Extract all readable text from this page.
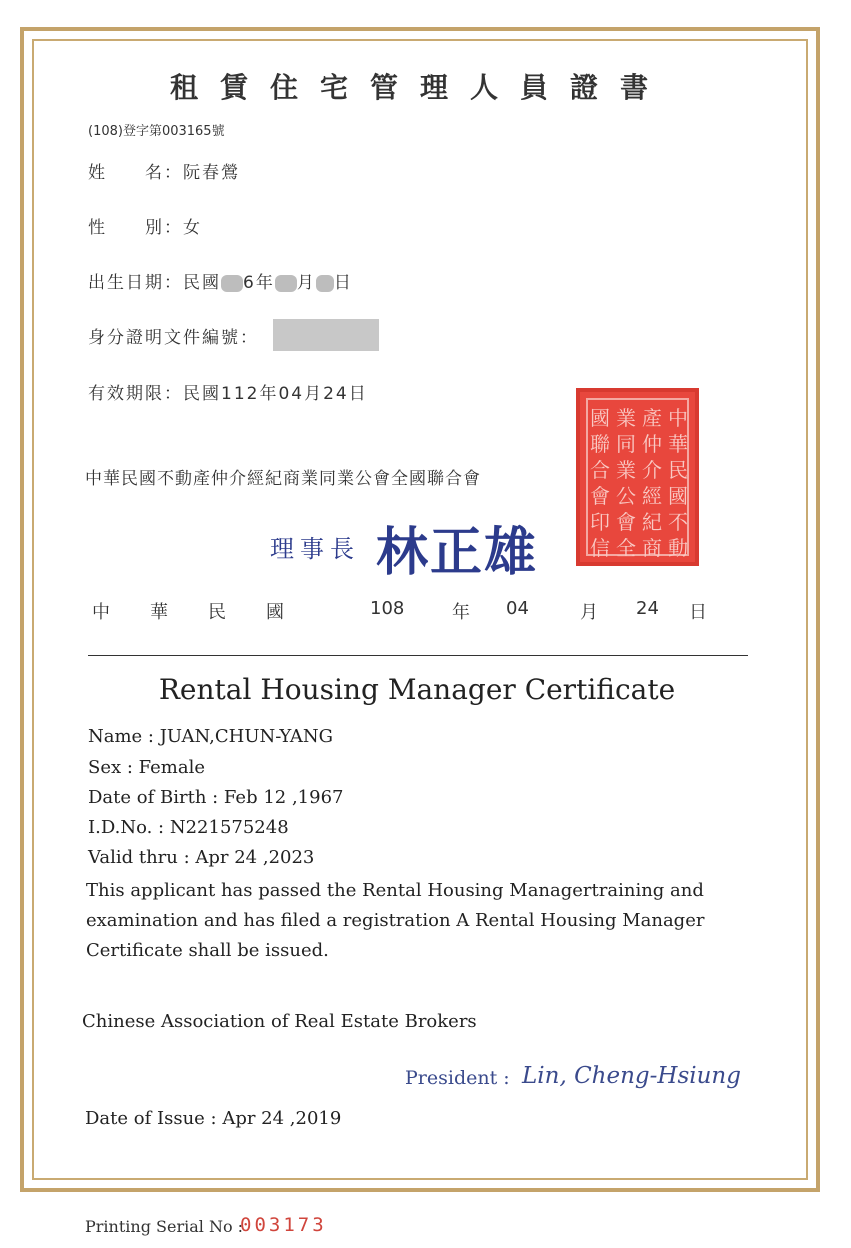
租賃住宅管理人員證書
(108)登字第003165號
姓　　名：阮春鶯
性　　別：女
出生日期：民國 6年 月 日
身分證明文件編號：
有效期限：民國112年04月24日
中華民國不動產仲介經紀商業同業公會全國聯合會
中
華
民
國
不
動
產
仲
介
經
紀
商
業
同
業
公
會
全
國
聯
合
會
印
信
理事長 林正雄
中 華 民 國	108	年 04	月 24 日
Rental Housing Manager Certificate
Name : JUAN,CHUN-YANG
Sex : Female
Date of Birth : Feb 12 ,1967
I.D.No. : N221575248
Valid thru : Apr 24 ,2023
This applicant has passed the Rental Housing Managertraining and examination and has filed a registration A Rental Housing Manager Certificate shall be issued.
Chinese Association of Real Estate Brokers
President : Lin, Cheng-Hsiung
Date of Issue : Apr 24 ,2019
Printing Serial No :
003173
